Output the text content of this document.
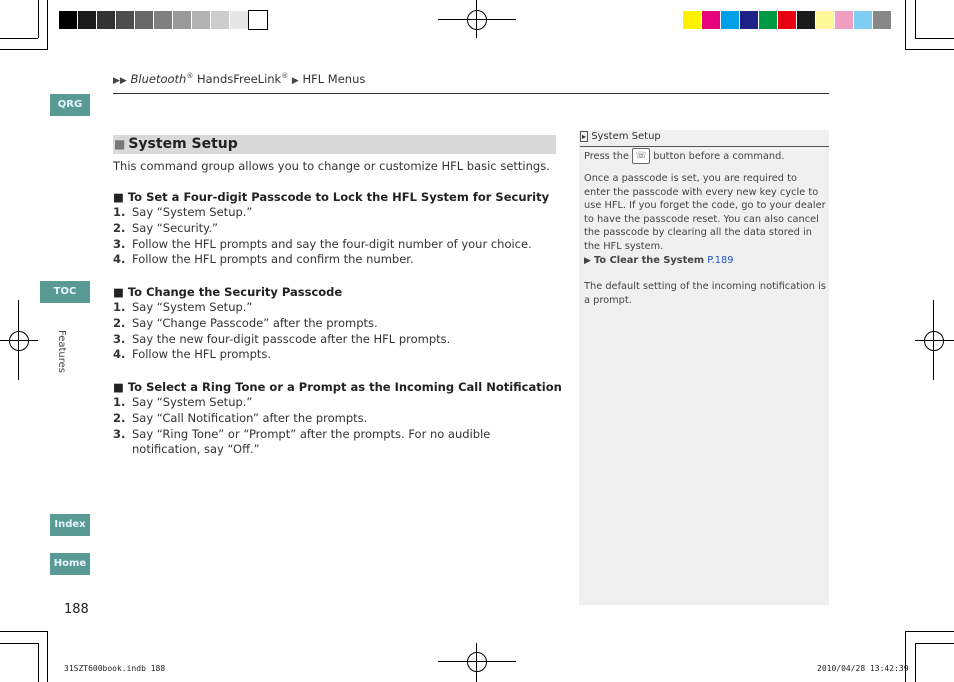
QRG
TOC
Index
Home
Features
▶▶ Bluetooth® HandsFreeLink® ▶ HFL Menus
■ System Setup
This command group allows you to change or customize HFL basic settings.
■ To Set a Four-digit Passcode to Lock the HFL System for Security
1. Say “System Setup.”
2. Say “Security.”
3. Follow the HFL prompts and say the four-digit number of your choice.
4. Follow the HFL prompts and confirm the number.
■ To Change the Security Passcode
1. Say “System Setup.”
2. Say “Change Passcode” after the prompts.
3. Say the new four-digit passcode after the HFL prompts.
4. Follow the HFL prompts.
■ To Select a Ring Tone or a Prompt as the Incoming Call Notification
1. Say “System Setup.”
2. Say “Call Notification” after the prompts.
3. Say “Ring Tone” or “Prompt” after the prompts. For no audible notification, say “Off.”
▸ System Setup
Press the ☏ button before a command.
Once a passcode is set, you are required to enter the passcode with every new key cycle to use HFL. If you forget the code, go to your dealer to have the passcode reset. You can also cancel the passcode by clearing all the data stored in the HFL system.
▶ To Clear the System P.189
The default setting of the incoming notification is a prompt.
188
31SZT600book.indb 188	2010/04/28 13:42:39
